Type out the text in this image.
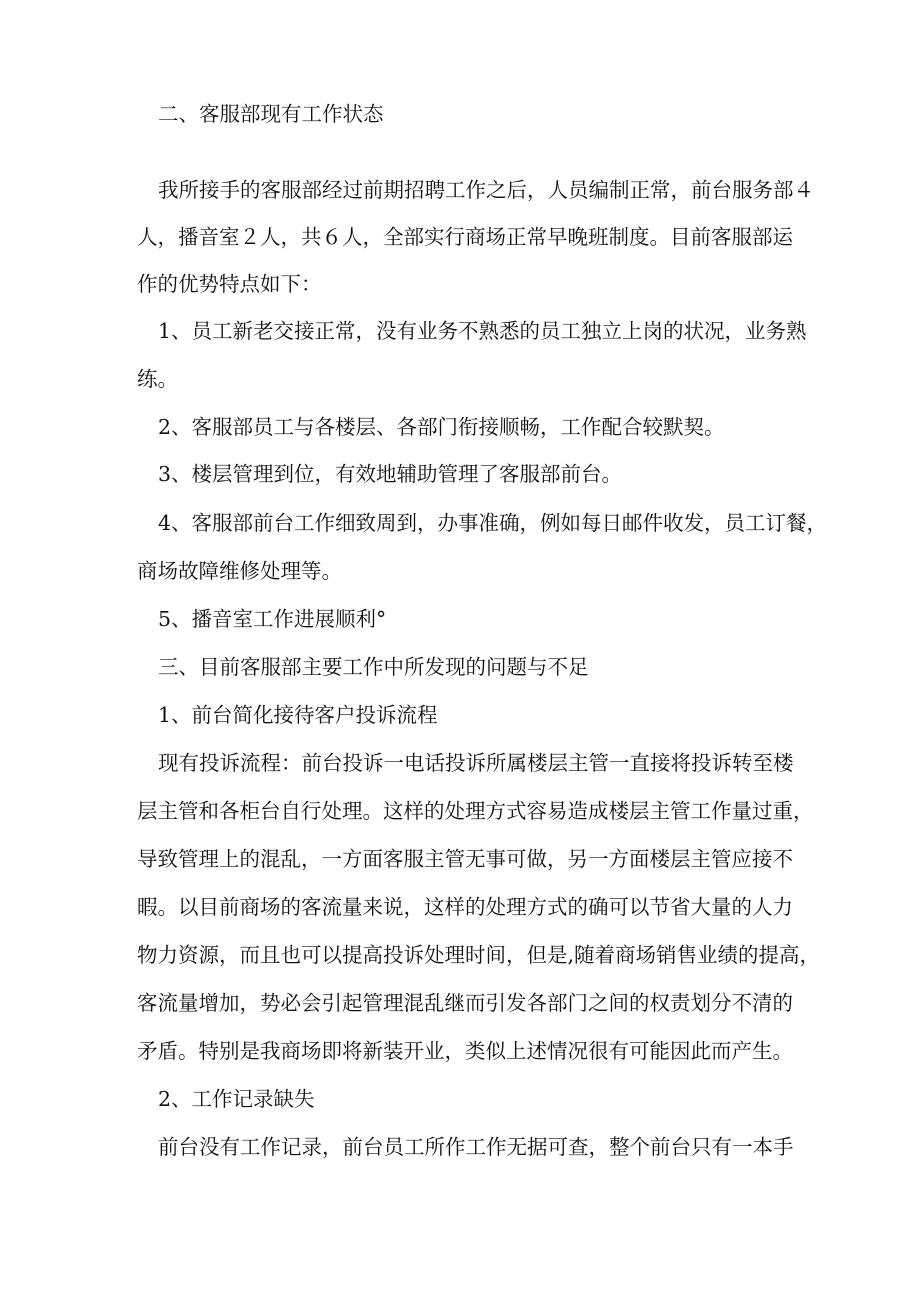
二、客服部现有工作状态

我所接手的客服部经过前期招聘工作之后，人员编制正常，前台服务部４

人，播音室２人，共６人，全部实行商场正常早晚班制度。目前客服部运

作的优势特点如下：

1、员工新老交接正常，没有业务不熟悉的员工独立上岗的状况，业务熟

练。

2、客服部员工与各楼层、各部门衔接顺畅，工作配合较默契。

3、楼层管理到位，有效地辅助管理了客服部前台。

4、客服部前台工作细致周到，办事准确，例如每日邮件收发，员工订餐，

商场故障维修处理等。

5、播音室工作进展顺利°

三、目前客服部主要工作中所发现的问题与不足

1、前台简化接待客户投诉流程

现有投诉流程：前台投诉一电话投诉所属楼层主管一直接将投诉转至楼

层主管和各柜台自行处理。这样的处理方式容易造成楼层主管工作量过重，

导致管理上的混乱，一方面客服主管无事可做，另一方面楼层主管应接不

暇。以目前商场的客流量来说，这样的处理方式的确可以节省大量的人力

物力资源，而且也可以提高投诉处理时间，但是,随着商场销售业绩的提高，

客流量增加，势必会引起管理混乱继而引发各部门之间的权责划分不清的

矛盾。特别是我商场即将新装开业，类似上述情况很有可能因此而产生。

2、工作记录缺失

前台没有工作记录，前台员工所作工作无据可查，整个前台只有一本手
